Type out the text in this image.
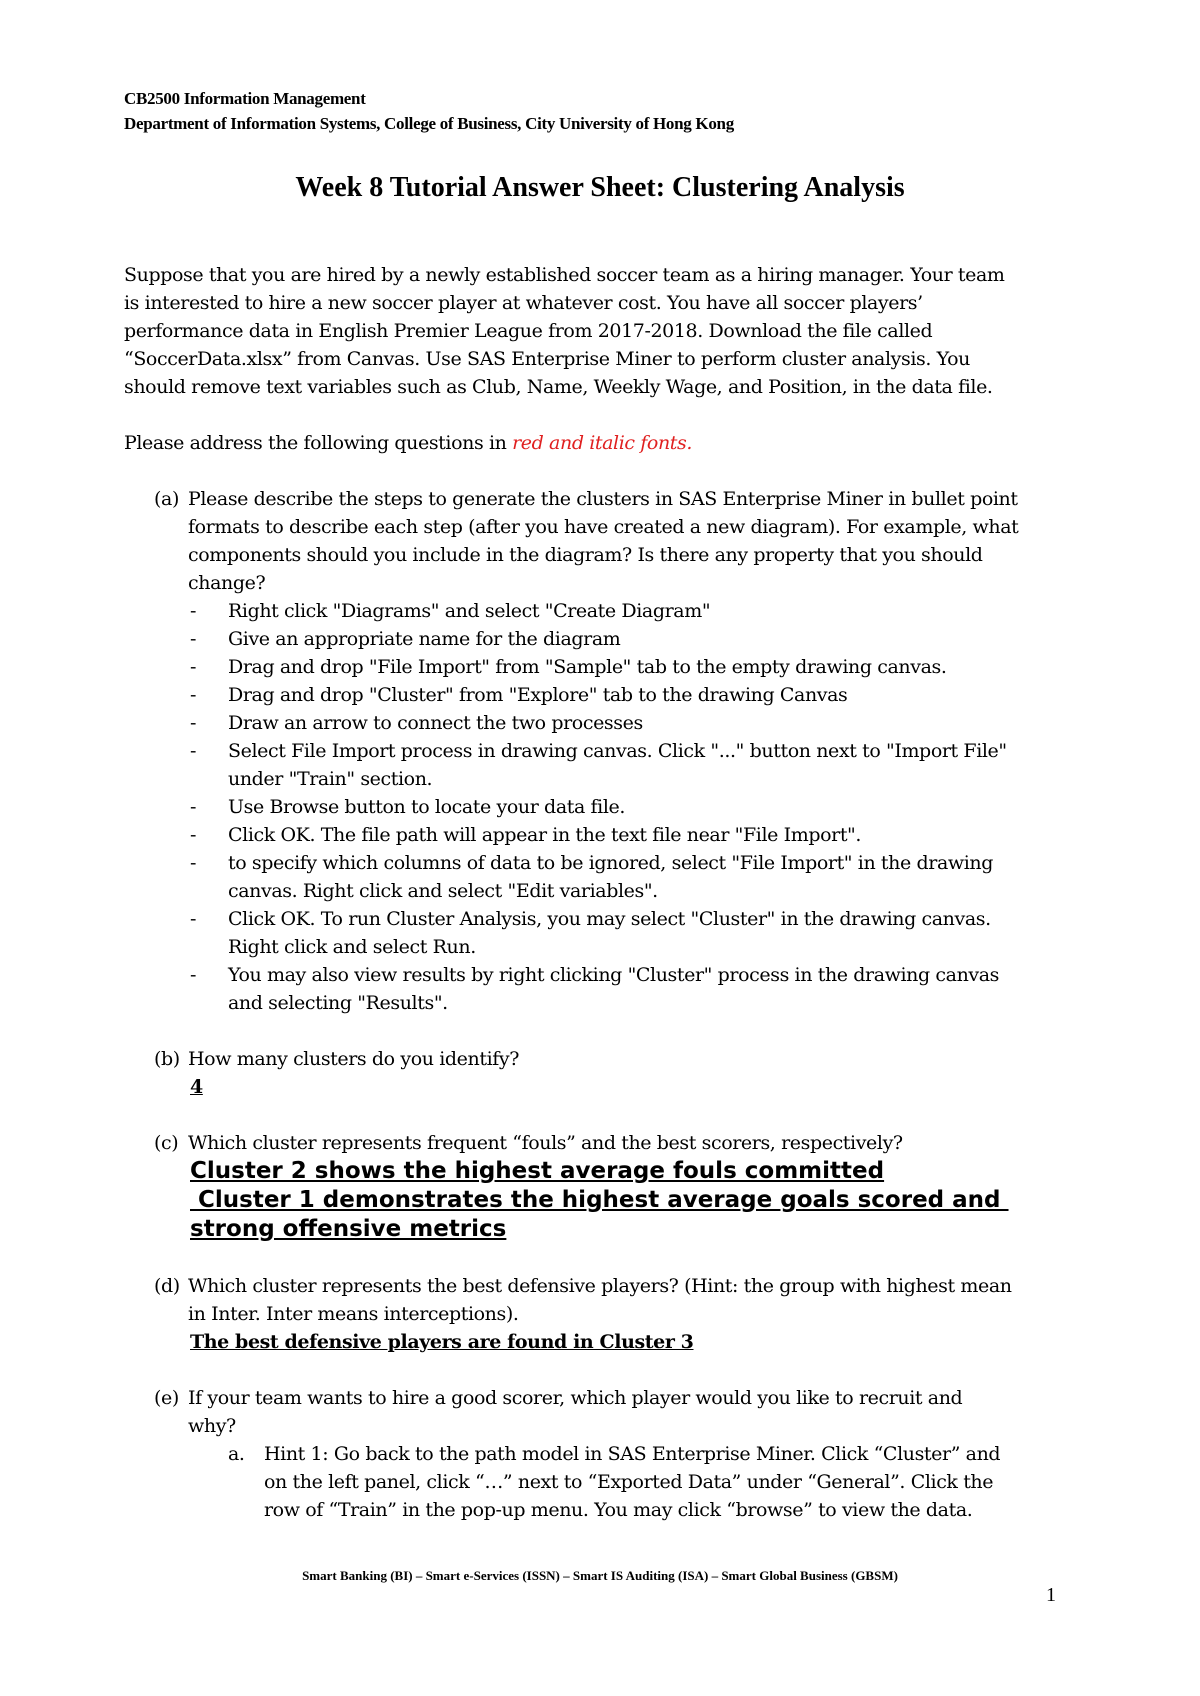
CB2500 Information Management
Department of Information Systems, College of Business, City University of Hong Kong
Week 8 Tutorial Answer Sheet: Clustering Analysis

Suppose that you are hired by a newly established soccer team as a hiring manager. Your team

is interested to hire a new soccer player at whatever cost. You have all soccer players’

performance data in English Premier League from 2017-2018. Download the file called

“SoccerData.xlsx” from Canvas. Use SAS Enterprise Miner to perform cluster analysis. You

should remove text variables such as Club, Name, Weekly Wage, and Position, in the data file.

Please address the following questions in red and italic fonts.

(a) Please describe the steps to generate the clusters in SAS Enterprise Miner in bullet point

formats to describe each step (after you have created a new diagram). For example, what

components should you include in the diagram? Is there any property that you should

change?

- Right click "Diagrams" and select "Create Diagram"

- Give an appropriate name for the diagram

- Drag and drop "File Import" from "Sample" tab to the empty drawing canvas.

- Drag and drop "Cluster" from "Explore" tab to the drawing Canvas

- Draw an arrow to connect the two processes

- Select File Import process in drawing canvas. Click "..." button next to "Import File"

under "Train" section.

- Use Browse button to locate your data file.

- Click OK. The file path will appear in the text file near "File Import".

- to specify which columns of data to be ignored, select "File Import" in the drawing

canvas. Right click and select "Edit variables".

- Click OK. To run Cluster Analysis, you may select "Cluster" in the drawing canvas.

Right click and select Run.

- You may also view results by right clicking "Cluster" process in the drawing canvas

and selecting "Results".

(b) How many clusters do you identify?

4

(c) Which cluster represents frequent “fouls” and the best scorers, respectively?

Cluster 2 shows the highest average fouls committed

Cluster 1 demonstrates the highest average goals scored and

strong offensive metrics

(d) Which cluster represents the best defensive players? (Hint: the group with highest mean

in Inter. Inter means interceptions).

The best defensive players are found in Cluster 3

(e) If your team wants to hire a good scorer, which player would you like to recruit and

why?

a. Hint 1: Go back to the path model in SAS Enterprise Miner. Click “Cluster” and

on the left panel, click “…” next to “Exported Data” under “General”. Click the

row of “Train” in the pop-up menu. You may click “browse” to view the data.

Smart Banking (BI) – Smart e-Services (ISSN) – Smart IS Auditing (ISA) – Smart Global Business (GBSM)
1
